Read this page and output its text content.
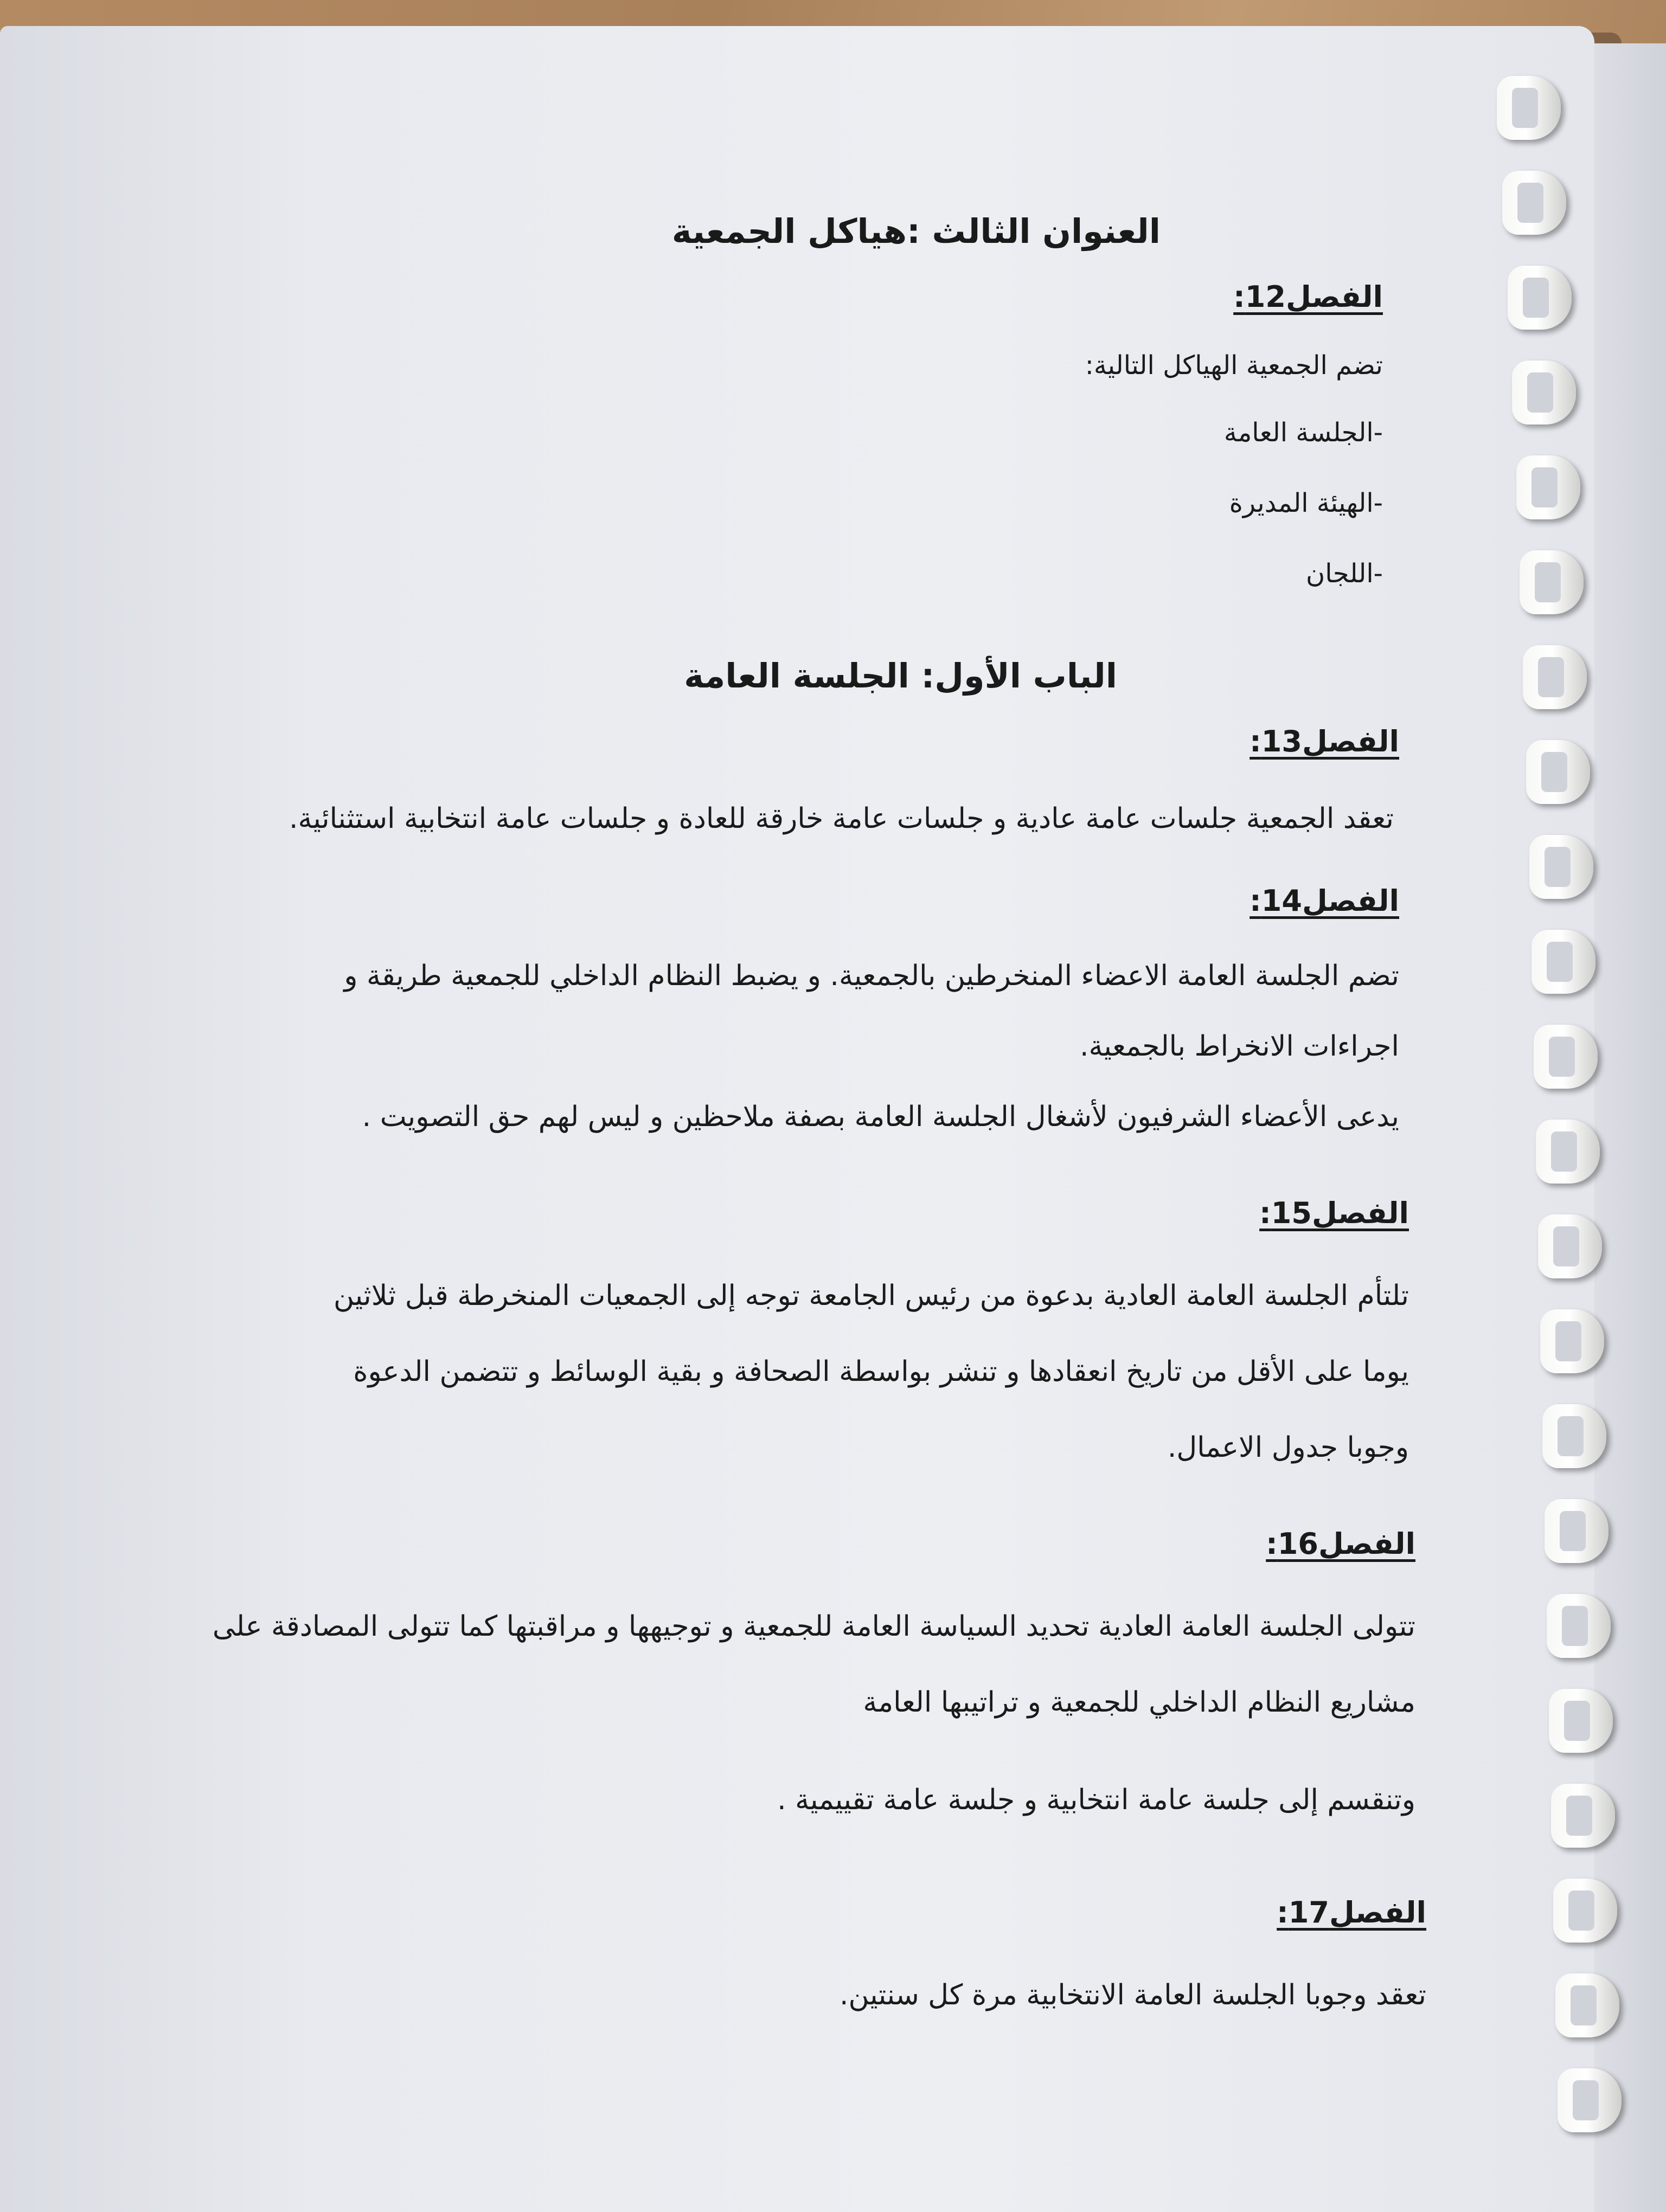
العنوان الثالث :هياكل الجمعية
الفصل12:
تضم الجمعية الهياكل التالية:
-الجلسة العامة
-الهيئة المديرة
-اللجان
الباب الأول: الجلسة العامة
الفصل13:
تعقد الجمعية جلسات عامة عادية و جلسات عامة خارقة للعادة و جلسات عامة انتخابية استثنائية.
الفصل14:
تضم الجلسة العامة الاعضاء المنخرطين بالجمعية. و يضبط النظام الداخلي للجمعية طريقة و
اجراءات الانخراط بالجمعية.
يدعى الأعضاء الشرفيون لأشغال الجلسة العامة بصفة ملاحظين و ليس لهم حق التصويت .
الفصل15:
تلتأم الجلسة العامة العادية بدعوة من رئيس الجامعة توجه إلى الجمعيات المنخرطة قبل ثلاثين
يوما على الأقل من تاريخ انعقادها و تنشر بواسطة الصحافة و بقية الوسائط و تتضمن الدعوة
وجوبا جدول الاعمال.
الفصل16:
تتولى الجلسة العامة العادية تحديد السياسة العامة للجمعية و توجيهها و مراقبتها كما تتولى المصادقة على
مشاريع النظام الداخلي للجمعية و تراتيبها العامة
وتنقسم إلى جلسة عامة انتخابية و جلسة عامة تقييمية .
الفصل17:
تعقد وجوبا الجلسة العامة الانتخابية مرة كل سنتين.
